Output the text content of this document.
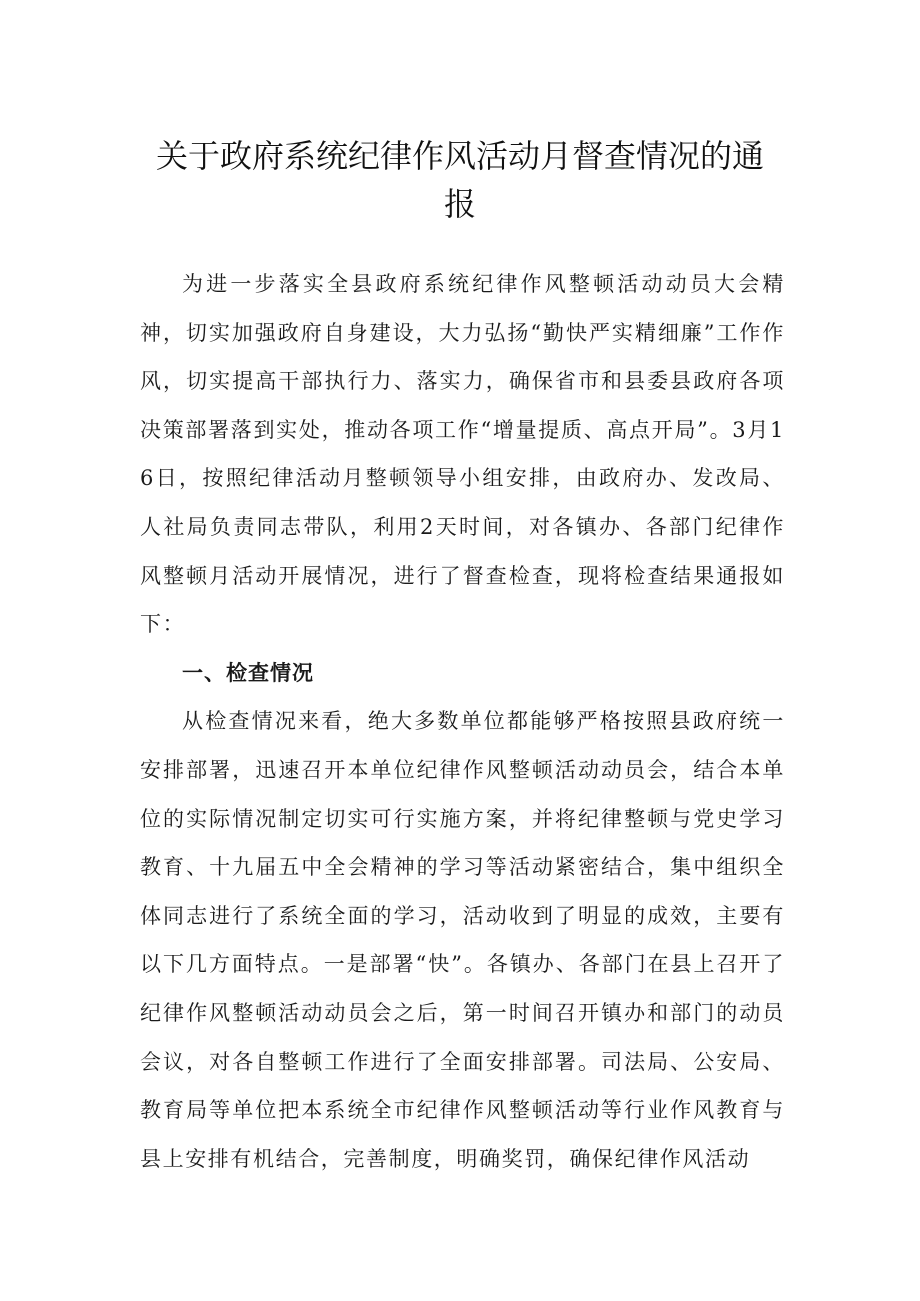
关于政府系统纪律作风活动月督查情况的通
报

为进一步落实全县政府系统纪律作风整顿活动动员大会精神，切实加强政府自身建设，大力弘扬“勤快严实精细廉”工作作风，切实提高干部执行力、落实力，确保省市和县委县政府各项决策部署落到实处，推动各项工作“增量提质、高点开局”。3月16日，按照纪律活动月整顿领导小组安排，由政府办、发改局、人社局负责同志带队，利用2天时间，对各镇办、各部门纪律作风整顿月活动开展情况，进行了督查检查，现将检查结果通报如下：

一、检查情况

从检查情况来看，绝大多数单位都能够严格按照县政府统一安排部署，迅速召开本单位纪律作风整顿活动动员会，结合本单位的实际情况制定切实可行实施方案，并将纪律整顿与党史学习教育、十九届五中全会精神的学习等活动紧密结合，集中组织全体同志进行了系统全面的学习，活动收到了明显的成效，主要有以下几方面特点。一是部署“快”。各镇办、各部门在县上召开了纪律作风整顿活动动员会之后，第一时间召开镇办和部门的动员会议，对各自整顿工作进行了全面安排部署。司法局、公安局、教育局等单位把本系统全市纪律作风整顿活动等行业作风教育与县上安排有机结合，完善制度，明确奖罚，确保纪律作风活动
